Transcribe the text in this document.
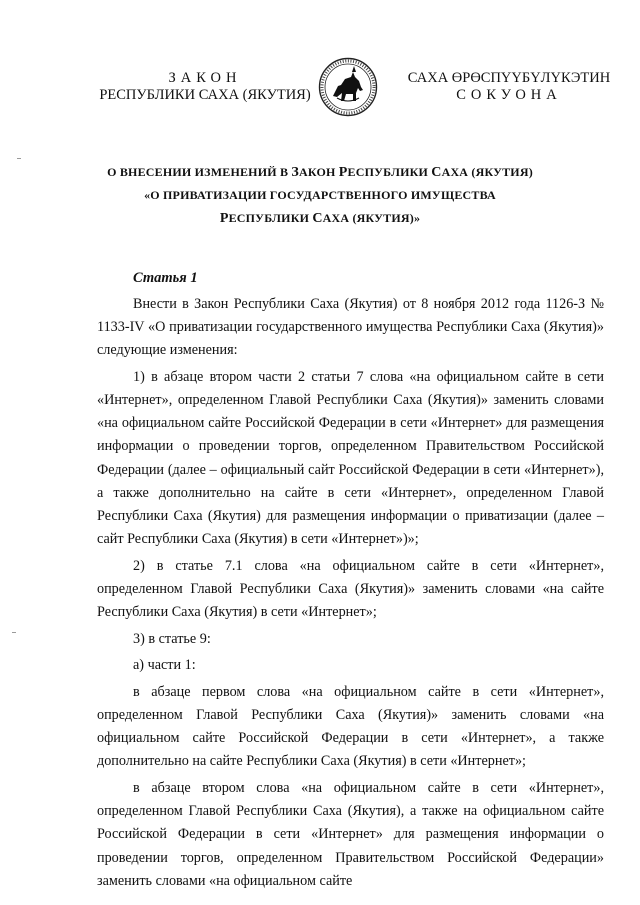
ЗАКОН
РЕСПУБЛИКИ САХА (ЯКУТИЯ)
САХА ӨРӨСПҮҮБҮЛҮКЭТИН
СОКУОНА
О ВНЕСЕНИИ ИЗМЕНЕНИЙ В ЗАКОН РЕСПУБЛИКИ САХА (ЯКУТИЯ)
«О ПРИВАТИЗАЦИИ ГОСУДАРСТВЕННОГО ИМУЩЕСТВА
РЕСПУБЛИКИ САХА (ЯКУТИЯ)»
Статья 1

Внести в Закон Республики Саха (Якутия) от 8 ноября 2012 года 1126-З № 1133-IV «О приватизации государственного имущества Республики Саха (Якутия)» следующие изменения:

1) в абзаце втором части 2 статьи 7 слова «на официальном сайте в сети «Интернет», определенном Главой Республики Саха (Якутия)» заменить словами «на официальном сайте Российской Федерации в сети «Интернет» для размещения информации о проведении торгов, определенном Правительством Российской Федерации (далее – официальный сайт Российской Федерации в сети «Интернет»), а также дополнительно на сайте в сети «Интернет», определенном Главой Республики Саха (Якутия) для размещения информации о приватизации (далее – сайт Республики Саха (Якутия) в сети «Интернет»)»;

2) в статье 7.1 слова «на официальном сайте в сети «Интернет», определенном Главой Республики Саха (Якутия)» заменить словами «на сайте Республики Саха (Якутия) в сети «Интернет»;

3) в статье 9:

а) части 1:

в абзаце первом слова «на официальном сайте в сети «Интернет», определенном Главой Республики Саха (Якутия)» заменить словами «на официальном сайте Российской Федерации в сети «Интернет», а также дополнительно на сайте Республики Саха (Якутия) в сети «Интернет»;

в абзаце втором слова «на официальном сайте в сети «Интернет», определенном Главой Республики Саха (Якутия), а также на официальном сайте Российской Федерации в сети «Интернет» для размещения информации о проведении торгов, определенном Правительством Российской Федерации» заменить словами «на официальном сайте
